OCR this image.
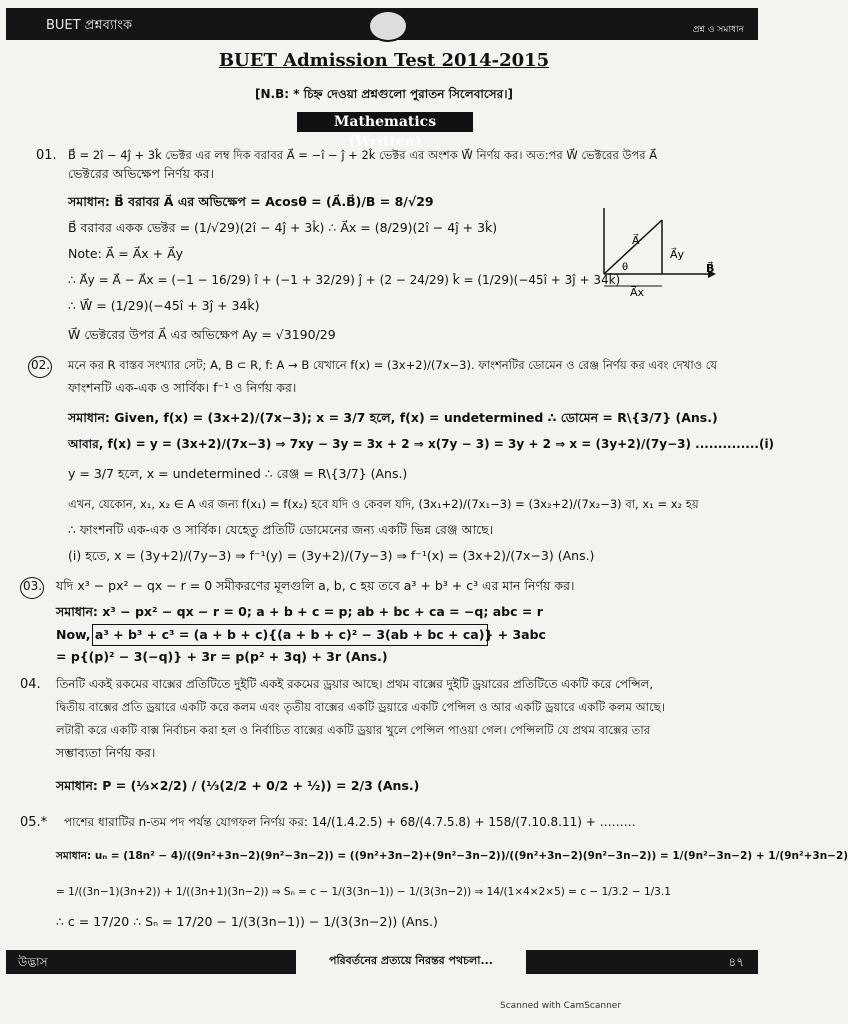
BUET প্রশ্নব্যাংক	প্রশ্ন ও সমাধান
BUET Admission Test 2014-2015
[N.B: * চিহ্ন দেওয়া প্রশ্নগুলো পুরাতন সিলেবাসের।]
Mathematics (Written)
01. B⃗ = 2î − 4ĵ + 3k̂ ভেক্টর এর লম্ব দিক বরাবর A⃗ = −î − ĵ + 2k̂ ভেক্টর এর অংশক W⃗ নির্ণয় কর। অত:পর W⃗ ভেক্টরের উপর A⃗
ভেক্টরের অভিক্ষেপ নির্ণয় কর।
সমাধান: B⃗ বরাবর A⃗ এর অভিক্ষেপ = Acosθ = (A⃗.B⃗)/B = 8/√29
B⃗ বরাবর একক ভেক্টর = (1/√29)(2î − 4ĵ + 3k̂) ∴ A⃗x = (8/29)(2î − 4ĵ + 3k̂)
Note: A⃗ = A⃗x + A⃗y
∴ A⃗y = A⃗ − A⃗x = (−1 − 16/29) î + (−1 + 32/29) ĵ + (2 − 24/29) k̂ = (1/29)(−45î + 3ĵ + 34k̂)
∴ W⃗ = (1/29)(−45î + 3ĵ + 34k̂)
W⃗ ভেক্টরের উপর A⃗ এর অভিক্ষেপ Ay = √3190/29
A⃗
A⃗y
B⃗
A⃗x
θ
02. মনে কর R বাস্তব সংখ্যার সেট; A, B ⊂ R, f: A → B যেখানে f(x) = (3x+2)/(7x−3). ফাংশনটির ডোমেন ও রেঞ্জ নির্ণয় কর এবং দেখাও যে
ফাংশনটি এক-এক ও সার্বিক। f⁻¹ ও নির্ণয় কর।
সমাধান: Given, f(x) = (3x+2)/(7x−3); x = 3/7 হলে, f(x) = undetermined ∴ ডোমেন = R\{3/7} (Ans.)
আবার, f(x) = y = (3x+2)/(7x−3) ⇒ 7xy − 3y = 3x + 2 ⇒ x(7y − 3) = 3y + 2 ⇒ x = (3y+2)/(7y−3) ..............(i)
y = 3/7 হলে, x = undetermined ∴ রেঞ্জ = R\{3/7} (Ans.)
এখন, যেকোন, x₁, x₂ ∈ A এর জন্য f(x₁) = f(x₂) হবে যদি ও কেবল যদি, (3x₁+2)/(7x₁−3) = (3x₂+2)/(7x₂−3) বা, x₁ = x₂ হয়
∴ ফাংশনটি এক-এক ও সার্বিক। যেহেতু প্রতিটি ডোমেনের জন্য একটি ভিন্ন রেঞ্জ আছে।
(i) হতে, x = (3y+2)/(7y−3) ⇒ f⁻¹(y) = (3y+2)/(7y−3) ⇒ f⁻¹(x) = (3x+2)/(7x−3) (Ans.)
03. যদি x³ − px² − qx − r = 0 সমীকরণের মূলগুলি a, b, c হয় তবে a³ + b³ + c³ এর মান নির্ণয় কর।
সমাধান: x³ − px² − qx − r = 0; a + b + c = p; ab + bc + ca = −q; abc = r
Now, a³ + b³ + c³ = (a + b + c){(a + b + c)² − 3(ab + bc + ca)} + 3abc
= p{(p)² − 3(−q)} + 3r = p(p² + 3q) + 3r (Ans.)
04. তিনটি একই রকমের বাক্সের প্রতিটিতে দুইটি একই রকমের ড্রয়ার আছে। প্রথম বাক্সের দুইটি ড্রয়ারের প্রতিটিতে একটি করে পেন্সিল,
দ্বিতীয় বাক্সের প্রতি ড্রয়ারে একটি করে কলম এবং তৃতীয় বাক্সের একটি ড্রয়ারে একটি পেন্সিল ও আর একটি ড্রয়ারে একটি কলম আছে।
লটারী করে একটি বাক্স নির্বাচন করা হল ও নির্বাচিত বাক্সের একটি ড্রয়ার খুলে পেন্সিল পাওয়া গেল। পেন্সিলটি যে প্রথম বাক্সের তার
সম্ভাব্যতা নির্ণয় কর।
সমাধান: P = (⅓×2/2) / (⅓(2/2 + 0/2 + ½)) = 2/3 (Ans.)
05.* পাশের ধারাটির n-তম পদ পর্যন্ত যোগফল নির্ণয় কর: 14/(1.4.2.5) + 68/(4.7.5.8) + 158/(7.10.8.11) + ………
সমাধান: uₙ = (18n² − 4)/((9n²+3n−2)(9n²−3n−2)) = ((9n²+3n−2)+(9n²−3n−2))/((9n²+3n−2)(9n²−3n−2)) = 1/(9n²−3n−2) + 1/(9n²+3n−2)
= 1/((3n−1)(3n+2)) + 1/((3n+1)(3n−2)) ⇒ Sₙ = c − 1/(3(3n−1)) − 1/(3(3n−2)) ⇒ 14/(1×4×2×5) = c − 1/3.2 − 1/3.1
∴ c = 17/20 ∴ Sₙ = 17/20 − 1/(3(3n−1)) − 1/(3(3n−2)) (Ans.)
উদ্ভাস	পরিবর্তনের প্রত্যয়ে নিরন্তর পথচলা...	৪৭
Scanned with CamScanner
